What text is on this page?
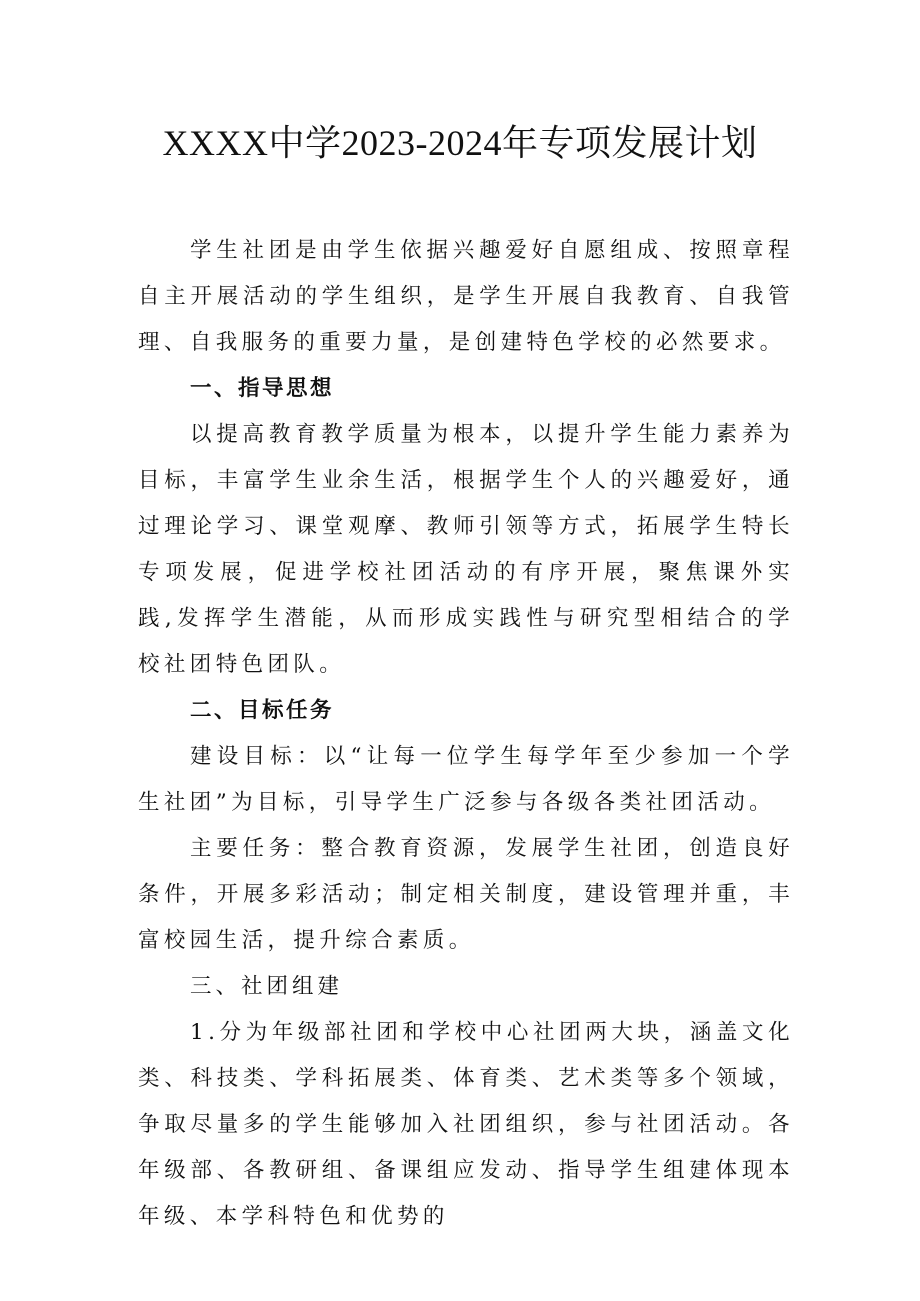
XXXX中学2023-2024年专项发展计划

学生社团是由学生依据兴趣爱好自愿组成、按照章程自主开展活动的学生组织，是学生开展自我教育、自我管理、自我服务的重要力量，是创建特色学校的必然要求。

一、指导思想

以提高教育教学质量为根本，以提升学生能力素养为目标，丰富学生业余生活，根据学生个人的兴趣爱好，通过理论学习、课堂观摩、教师引领等方式，拓展学生特长专项发展，促进学校社团活动的有序开展，聚焦课外实践,发挥学生潜能，从而形成实践性与研究型相结合的学校社团特色团队。

二、目标任务

建设目标：以“让每一位学生每学年至少参加一个学生社团”为目标，引导学生广泛参与各级各类社团活动。

主要任务：整合教育资源，发展学生社团，创造良好条件，开展多彩活动；制定相关制度，建设管理并重，丰富校园生活，提升综合素质。

三、社团组建

1.分为年级部社团和学校中心社团两大块，涵盖文化类、科技类、学科拓展类、体育类、艺术类等多个领域，争取尽量多的学生能够加入社团组织，参与社团活动。各年级部、各教研组、备课组应发动、指导学生组建体现本年级、本学科特色和优势的
